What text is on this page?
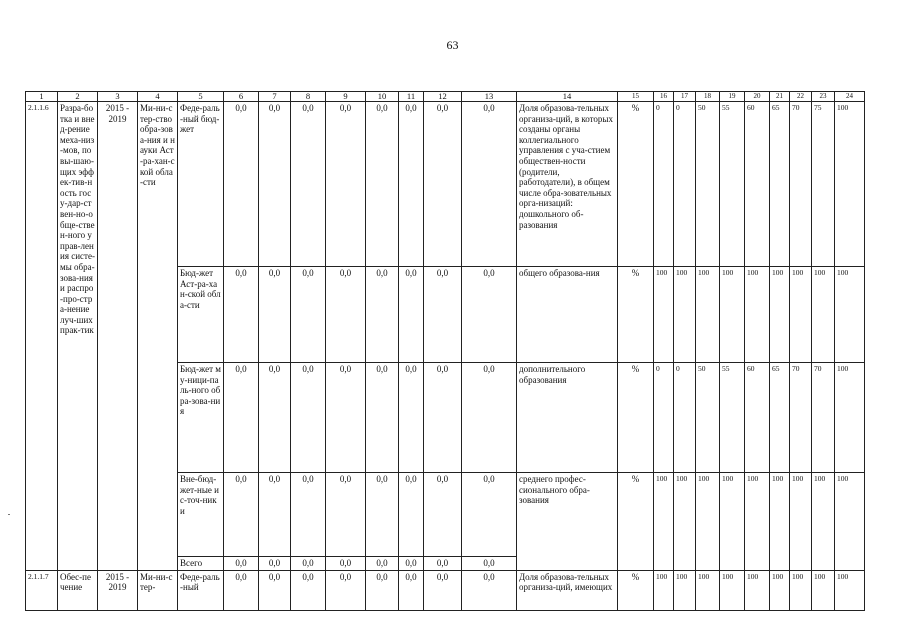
63
1	2	3	4	5	6	7	8	9	10	11	12	13	14	15	16	17	18	19	20	21	22	23	24
2.1.1.6	Разра-ботка и внед-рение меха-низ-мов, повы-шаю-щих эффек-тив-ность госу-дар-ствен-но-обще-ствен-ного управ-ления систе-мы обра-зова-ния и распро-про-стра-нение луч-ших прак-тик	2015 - 2019	Ми-ни-стер-ство обра-зова-ния и науки Аст-ра-хан-ской обла-сти	Феде-раль-ный бюд-жет	0,0	0,0	0,0	0,0	0,0	0,0	0,0	0,0	Доля образова-тельных организа-ций, в которых созданы органы коллегиального управления с уча-стием обществен-ности (родители, работодатели), в общем числе обра-зовательных орга-низаций: дошкольного об-разования	%	0	0	50	55	60	65	70	75	100
				Бюд-жет Аст-ра-хан-ской обла-сти	0,0	0,0	0,0	0,0	0,0	0,0	0,0	0,0	общего образова-ния	%	100	100	100	100	100	100	100	100	100
				Бюд-жет му-ници-паль-ного обра-зова-ния	0,0	0,0	0,0	0,0	0,0	0,0	0,0	0,0	дополнительного образования	%	0	0	50	55	60	65	70	70	100
				Вне-бюд-жет-ные ис-точ-ники	0,0	0,0	0,0	0,0	0,0	0,0	0,0	0,0	среднего профес-сионального обра-зования	%	100	100	100	100	100	100	100	100	100
				Всего	0,0	0,0	0,0	0,0	0,0	0,0	0,0	0,0											
2.1.1.7	Обес-печение	2015 - 2019	Ми-ни-стер-	Феде-раль-ный	0,0	0,0	0,0	0,0	0,0	0,0	0,0	0,0	Доля образова-тельных организа-ций, имеющих	%	100	100	100	100	100	100	100	100	100
